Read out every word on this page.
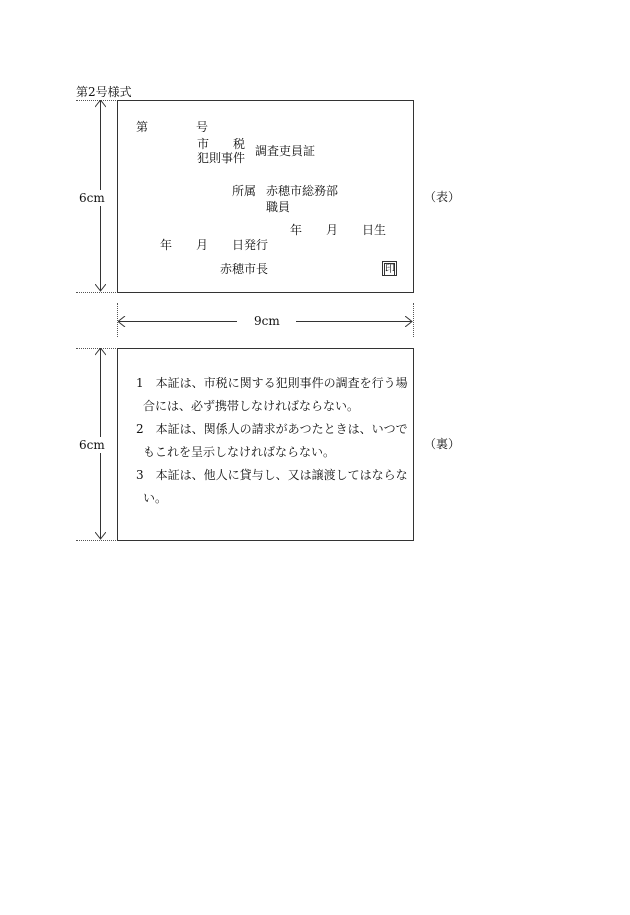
第2号様式
6cm
第	号
市　　税
犯則事件 調査吏員証
所属 赤穂市総務部
職員
年　　月　　日生
年　　月　　日発行
赤穂市長	印
（表）
9cm
6cm
1　本証は、市税に関する犯則事件の調査を行う場
合には、必ず携帯しなければならない。
2　本証は、関係人の請求があつたときは、いつで
もこれを呈示しなければならない。
3　本証は、他人に貸与し、又は譲渡してはならな
い。
（裏）
